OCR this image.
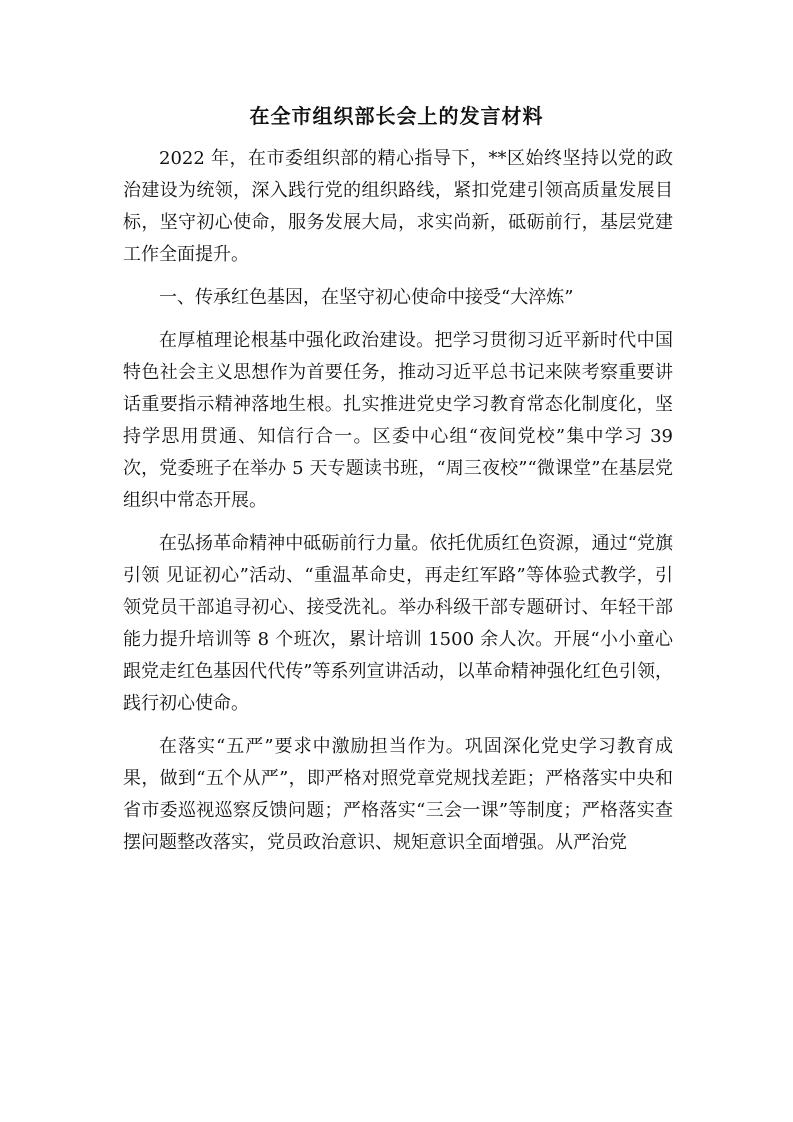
在全市组织部长会上的发言材料

2022 年，在市委组织部的精心指导下，**区始终坚持以党的政治建设为统领，深入践行党的组织路线，紧扣党建引领高质量发展目标，坚守初心使命，服务发展大局，求实尚新，砥砺前行，基层党建工作全面提升。

一、传承红色基因，在坚守初心使命中接受“大淬炼”

在厚植理论根基中强化政治建设。把学习贯彻习近平新时代中国特色社会主义思想作为首要任务，推动习近平总书记来陕考察重要讲话重要指示精神落地生根。扎实推进党史学习教育常态化制度化，坚持学思用贯通、知信行合一。区委中心组“夜间党校”集中学习 39 次，党委班子在举办 5 天专题读书班，“周三夜校”“微课堂”在基层党组织中常态开展。

在弘扬革命精神中砥砺前行力量。依托优质红色资源，通过“党旗引领 见证初心”活动、“重温革命史，再走红军路”等体验式教学，引领党员干部追寻初心、接受洗礼。举办科级干部专题研讨、年轻干部能力提升培训等 8 个班次，累计培训 1500 余人次。开展“小小童心跟党走红色基因代代传”等系列宣讲活动，以革命精神强化红色引领，践行初心使命。

在落实“五严”要求中激励担当作为。巩固深化党史学习教育成果，做到“五个从严”，即严格对照党章党规找差距；严格落实中央和省市委巡视巡察反馈问题；严格落实“三会一课”等制度；严格落实查摆问题整改落实，党员政治意识、规矩意识全面增强。从严治党
